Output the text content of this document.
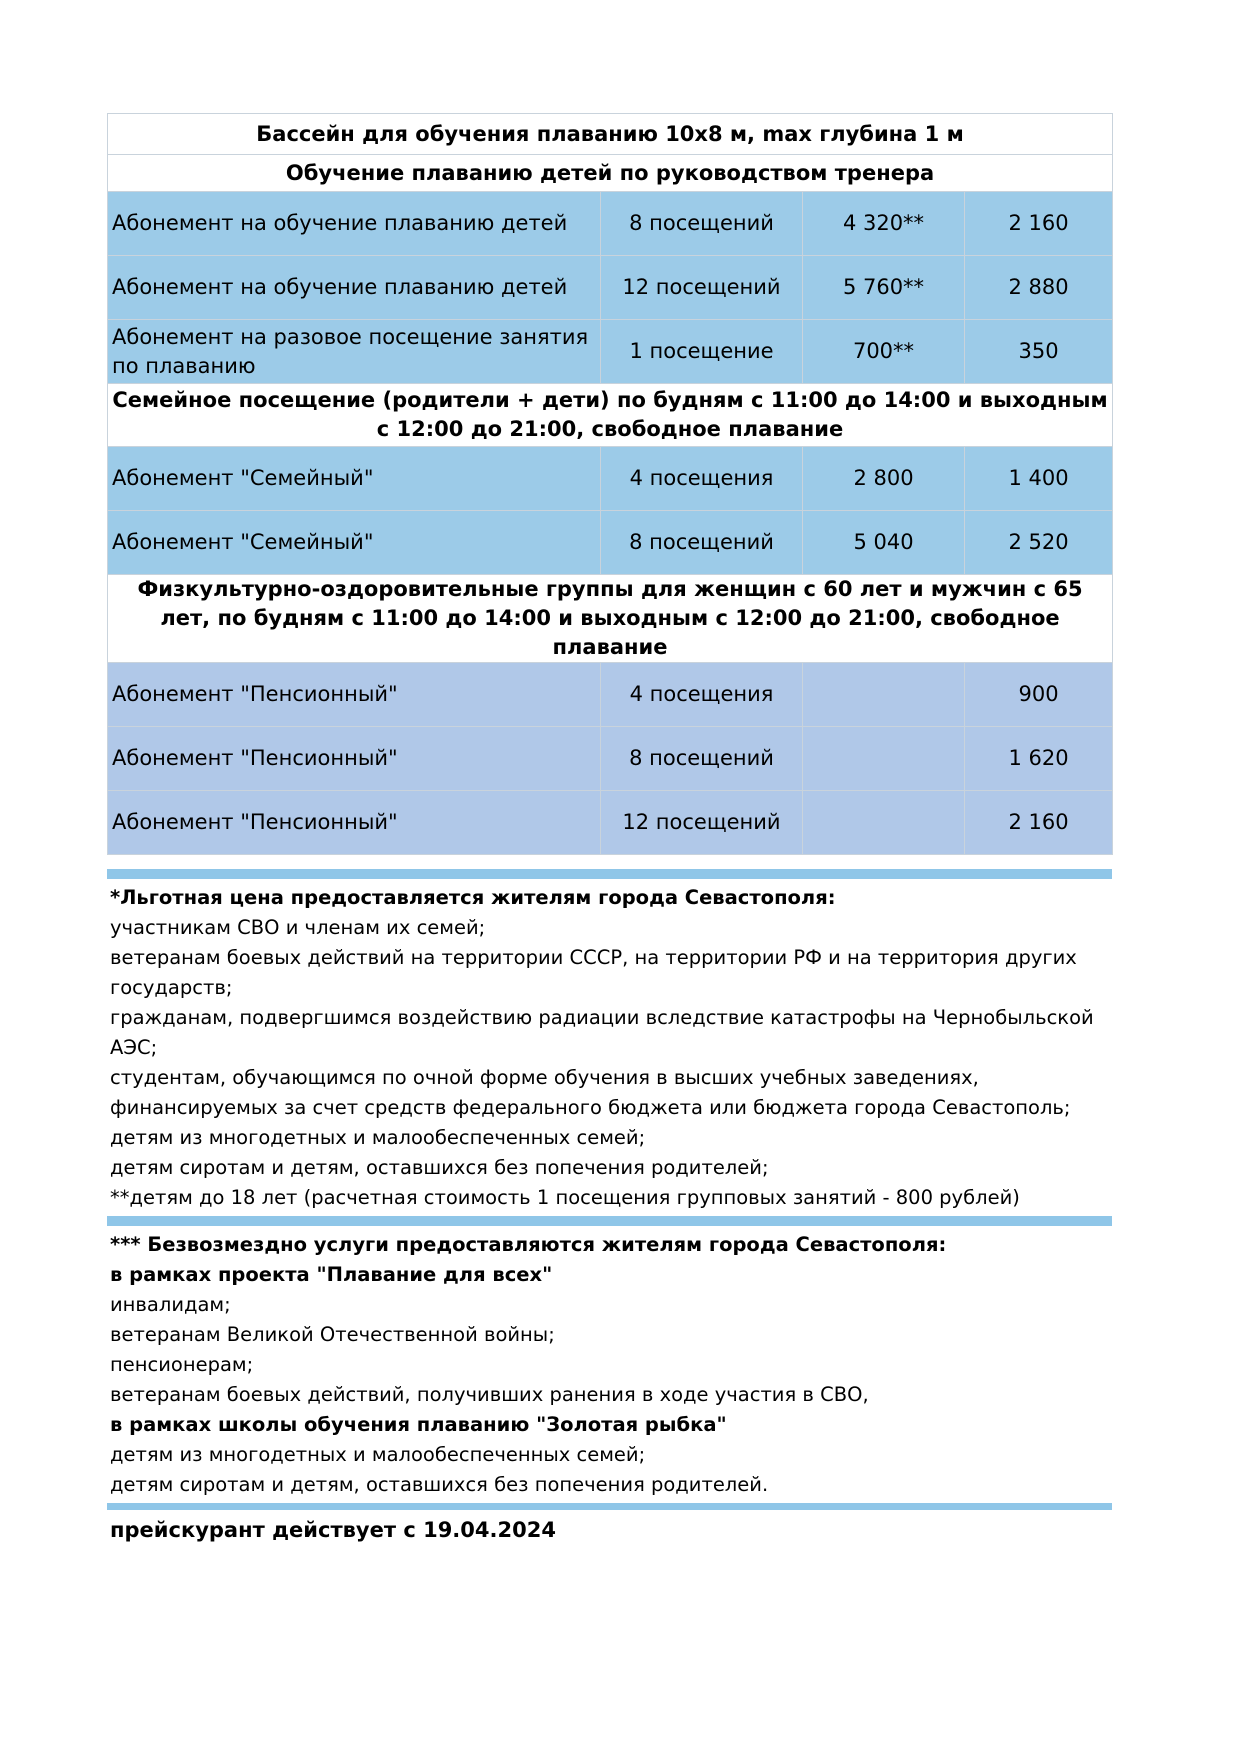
Бассейн для обучения плаванию 10х8 м, max глубина 1 м			
Обучение плаванию детей по руководством тренера			
Абонемент на обучение плаванию детей	8 посещений	4 320**	2 160
Абонемент на обучение плаванию детей	12 посещений	5 760**	2 880
Абонемент на разовое посещение занятия по плаванию	1 посещение	700**	350
Семейное посещение (родители + дети) по будням с 11:00 до 14:00 и выходным с 12:00 до 21:00, свободное плавание			
Абонемент "Семейный"	4 посещения	2 800	1 400
Абонемент "Семейный"	8 посещений	5 040	2 520
Физкультурно-оздоровительные группы для женщин с 60 лет и мужчин с 65 лет, по будням с 11:00 до 14:00 и выходным с 12:00 до 21:00, свободное плавание			
Абонемент "Пенсионный"	4 посещения		900
Абонемент "Пенсионный"	8 посещений		1 620
Абонемент "Пенсионный"	12 посещений		2 160
*Льготная цена предоставляется жителям города Севастополя:
участникам СВО и членам их семей;
ветеранам боевых действий на территории СССР, на территории РФ и на территория других
государств;
гражданам, подвергшимся воздействию радиации вследствие катастрофы на Чернобыльской
АЭС;
студентам, обучающимся по очной форме обучения в высших учебных заведениях,
финансируемых за счет средств федерального бюджета или бюджета города Севастополь;
детям из многодетных и малообеспеченных семей;
детям сиротам и детям, оставшихся без попечения родителей;
**детям до 18 лет (расчетная стоимость 1 посещения групповых занятий - 800 рублей)
*** Безвозмездно услуги предоставляются жителям города Севастополя:
в рамках проекта "Плавание для всех"
инвалидам;
ветеранам Великой Отечественной войны;
пенсионерам;
ветеранам боевых действий, получивших ранения в ходе участия в СВО,
в рамках школы обучения плаванию "Золотая рыбка"
детям из многодетных и малообеспеченных семей;
детям сиротам и детям, оставшихся без попечения родителей.
прейскурант действует с 19.04.2024
